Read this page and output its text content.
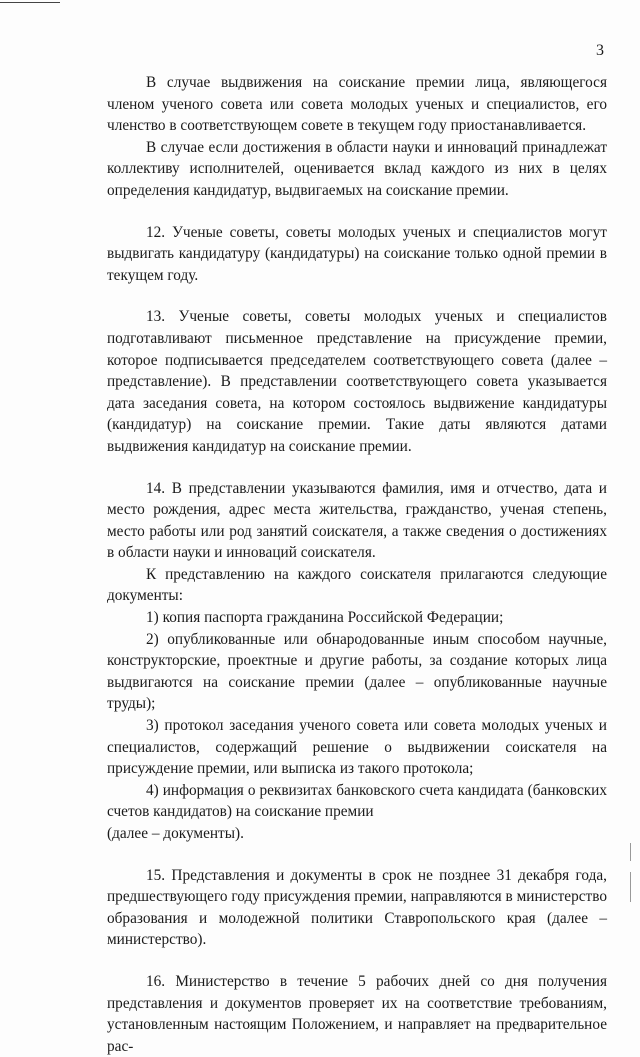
3

В случае выдвижения на соискание премии лица, являющегося членом ученого совета или совета молодых ученых и специалистов, его членство в соответствующем совете в текущем году приостанавливается.

В случае если достижения в области науки и инноваций принадлежат коллективу исполнителей, оценивается вклад каждого из них в целях определения кандидатур, выдвигаемых на соискание премии.

12. Ученые советы, советы молодых ученых и специалистов могут выдвигать кандидатуру (кандидатуры) на соискание только одной премии в текущем году.

13. Ученые советы, советы молодых ученых и специалистов подготавливают письменное представление на присуждение премии, которое подписывается председателем соответствующего совета (далее – представление). В представлении соответствующего совета указывается дата заседания совета, на котором состоялось выдвижение кандидатуры (кандидатур) на соискание премии. Такие даты являются датами выдвижения кандидатур на соискание премии.

14. В представлении указываются фамилия, имя и отчество, дата и место рождения, адрес места жительства, гражданство, ученая степень, место работы или род занятий соискателя, а также сведения о достижениях в области науки и инноваций соискателя.

К представлению на каждого соискателя прилагаются следующие документы:

1) копия паспорта гражданина Российской Федерации;

2) опубликованные или обнародованные иным способом научные, конструкторские, проектные и другие работы, за создание которых лица выдвигаются на соискание премии (далее – опубликованные научные труды);

3) протокол заседания ученого совета или совета молодых ученых и специалистов, содержащий решение о выдвижении соискателя на присуждение премии, или выписка из такого протокола;

4) информация о реквизитах банковского счета кандидата (банковских счетов кандидатов) на соискание премии

(далее – документы).

15. Представления и документы в срок не позднее 31 декабря года, предшествующего году присуждения премии, направляются в министерство образования и молодежной политики Ставропольского края (далее – министерство).

16. Министерство в течение 5 рабочих дней со дня получения представления и документов проверяет их на соответствие требованиям, установленным настоящим Положением, и направляет на предварительное рас-
